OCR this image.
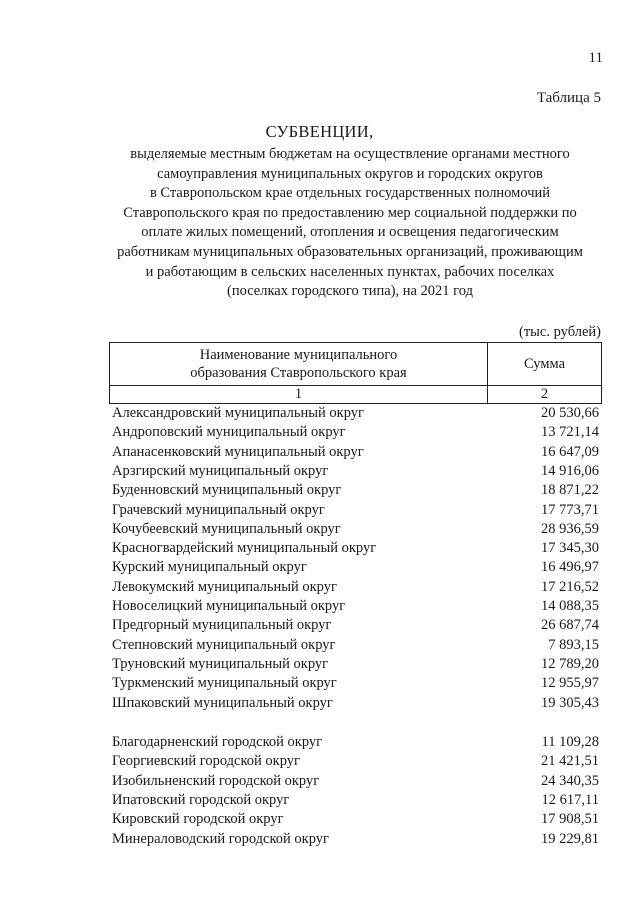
11
Таблица 5
СУБВЕНЦИИ,
выделяемые местным бюджетам на осуществление органами местного
самоуправления муниципальных округов и городских округов
в Ставропольском крае отдельных государственных полномочий
Ставропольского края по предоставлению мер социальной поддержки по
оплате жилых помещений, отопления и освещения педагогическим
работникам муниципальных образовательных организаций, проживающим
и работающим в сельских населенных пунктах, рабочих поселках
(поселках городского типа), на 2021 год
(тыс. рублей)
Наименование муниципального
образования Ставропольского края	Сумма
1	2
Александровский муниципальный округ	20 530,66
Андроповский муниципальный округ	13 721,14
Апанасенковский муниципальный округ	16 647,09
Арзгирский муниципальный округ	14 916,06
Буденновский муниципальный округ	18 871,22
Грачевский муниципальный округ	17 773,71
Кочубеевский муниципальный округ	28 936,59
Красногвардейский муниципальный округ	17 345,30
Курский муниципальный округ	16 496,97
Левокумский муниципальный округ	17 216,52
Новоселицкий муниципальный округ	14 088,35
Предгорный муниципальный округ	26 687,74
Степновский муниципальный округ	7 893,15
Труновский муниципальный округ	12 789,20
Туркменский муниципальный округ	12 955,97
Шпаковский муниципальный округ	19 305,43
Благодарненский городской округ	11 109,28
Георгиевский городской округ	21 421,51
Изобильненский городской округ	24 340,35
Ипатовский городской округ	12 617,11
Кировский городской округ	17 908,51
Минераловодский городской округ	19 229,81
